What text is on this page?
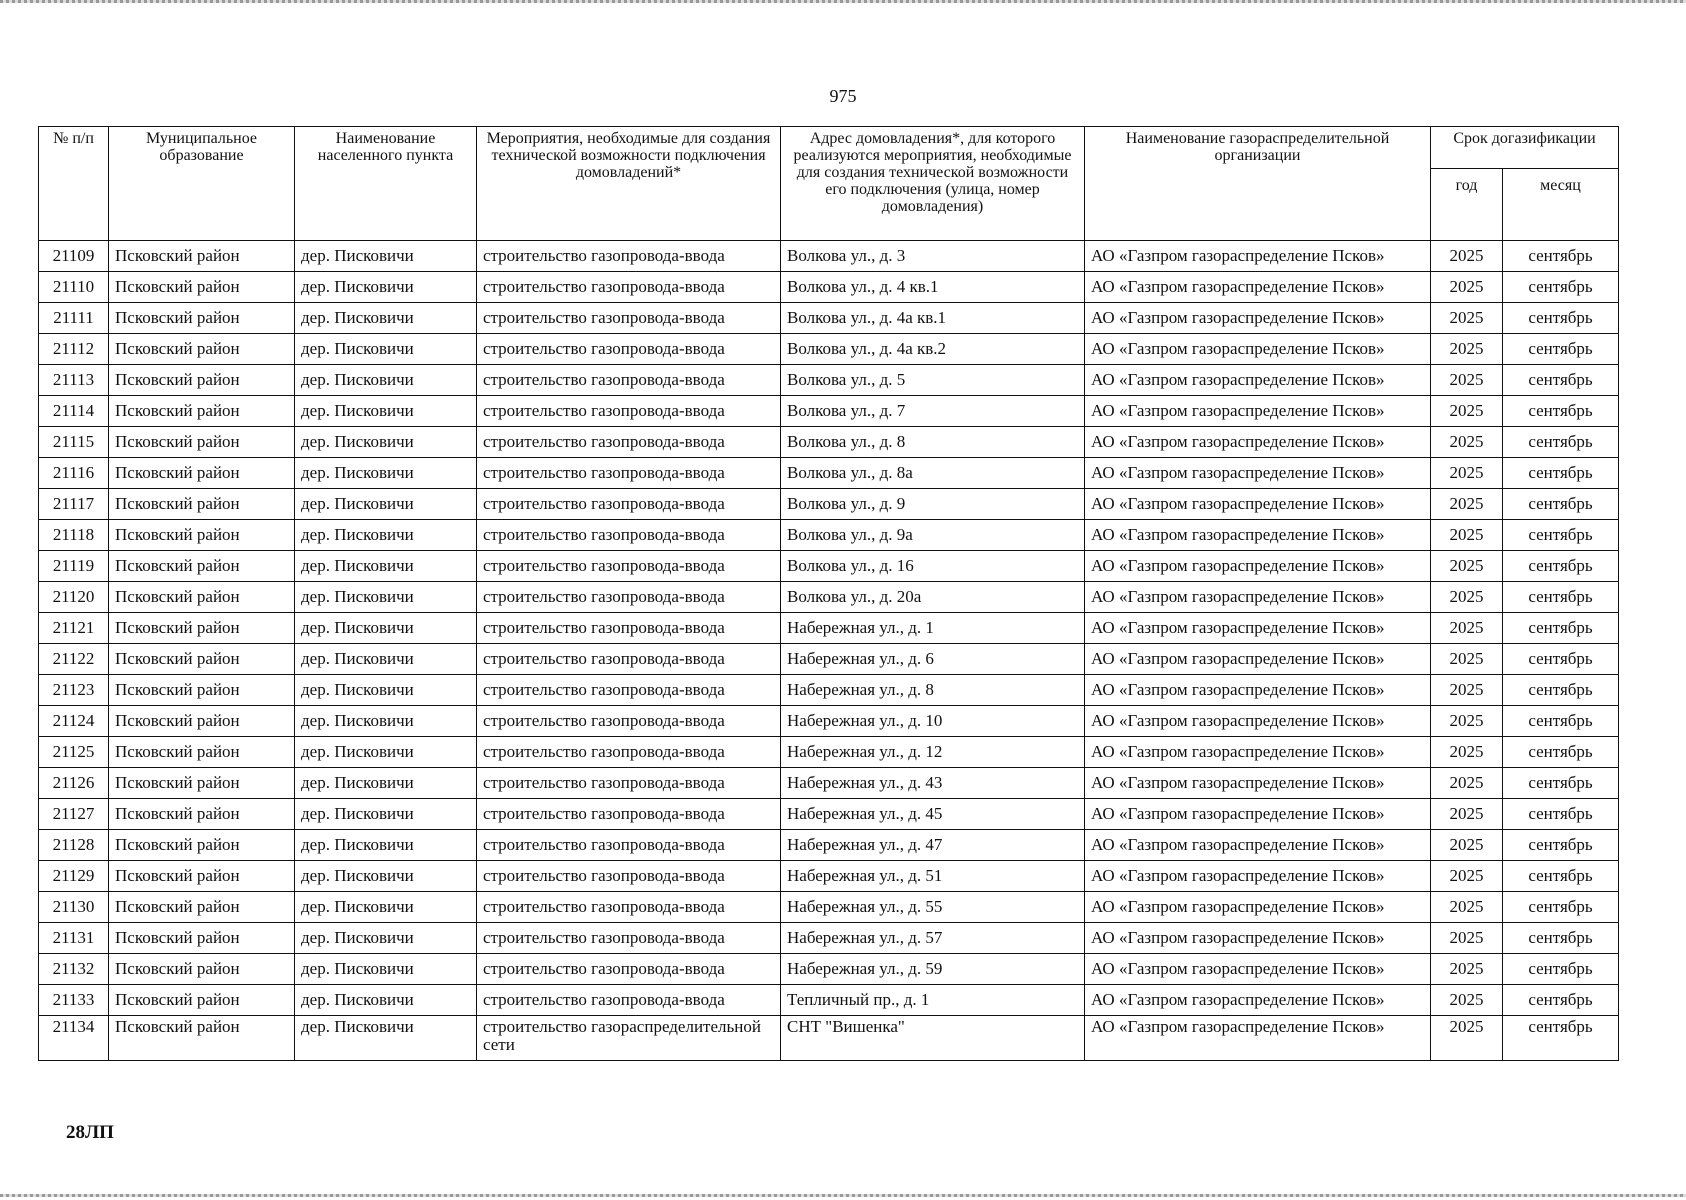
975
№ п/п	Муниципальное образование	Наименование населенного пункта	Мероприятия, необходимые для создания технической возможности подключения домовладений*	Адрес домовладения*, для которого реализуются мероприятия, необходимые для создания технической возможности его подключения (улица, номер домовладения)	Наименование газораспределительной организации	Срок догазификации	
						год	месяц
21109	Псковский район	дер. Писковичи	строительство газопровода-ввода	Волкова ул., д. 3	АО «Газпром газораспределение Псков»	2025	сентябрь
21110	Псковский район	дер. Писковичи	строительство газопровода-ввода	Волкова ул., д. 4 кв.1	АО «Газпром газораспределение Псков»	2025	сентябрь
21111	Псковский район	дер. Писковичи	строительство газопровода-ввода	Волкова ул., д. 4а кв.1	АО «Газпром газораспределение Псков»	2025	сентябрь
21112	Псковский район	дер. Писковичи	строительство газопровода-ввода	Волкова ул., д. 4а кв.2	АО «Газпром газораспределение Псков»	2025	сентябрь
21113	Псковский район	дер. Писковичи	строительство газопровода-ввода	Волкова ул., д. 5	АО «Газпром газораспределение Псков»	2025	сентябрь
21114	Псковский район	дер. Писковичи	строительство газопровода-ввода	Волкова ул., д. 7	АО «Газпром газораспределение Псков»	2025	сентябрь
21115	Псковский район	дер. Писковичи	строительство газопровода-ввода	Волкова ул., д. 8	АО «Газпром газораспределение Псков»	2025	сентябрь
21116	Псковский район	дер. Писковичи	строительство газопровода-ввода	Волкова ул., д. 8а	АО «Газпром газораспределение Псков»	2025	сентябрь
21117	Псковский район	дер. Писковичи	строительство газопровода-ввода	Волкова ул., д. 9	АО «Газпром газораспределение Псков»	2025	сентябрь
21118	Псковский район	дер. Писковичи	строительство газопровода-ввода	Волкова ул., д. 9а	АО «Газпром газораспределение Псков»	2025	сентябрь
21119	Псковский район	дер. Писковичи	строительство газопровода-ввода	Волкова ул., д. 16	АО «Газпром газораспределение Псков»	2025	сентябрь
21120	Псковский район	дер. Писковичи	строительство газопровода-ввода	Волкова ул., д. 20а	АО «Газпром газораспределение Псков»	2025	сентябрь
21121	Псковский район	дер. Писковичи	строительство газопровода-ввода	Набережная ул., д. 1	АО «Газпром газораспределение Псков»	2025	сентябрь
21122	Псковский район	дер. Писковичи	строительство газопровода-ввода	Набережная ул., д. 6	АО «Газпром газораспределение Псков»	2025	сентябрь
21123	Псковский район	дер. Писковичи	строительство газопровода-ввода	Набережная ул., д. 8	АО «Газпром газораспределение Псков»	2025	сентябрь
21124	Псковский район	дер. Писковичи	строительство газопровода-ввода	Набережная ул., д. 10	АО «Газпром газораспределение Псков»	2025	сентябрь
21125	Псковский район	дер. Писковичи	строительство газопровода-ввода	Набережная ул., д. 12	АО «Газпром газораспределение Псков»	2025	сентябрь
21126	Псковский район	дер. Писковичи	строительство газопровода-ввода	Набережная ул., д. 43	АО «Газпром газораспределение Псков»	2025	сентябрь
21127	Псковский район	дер. Писковичи	строительство газопровода-ввода	Набережная ул., д. 45	АО «Газпром газораспределение Псков»	2025	сентябрь
21128	Псковский район	дер. Писковичи	строительство газопровода-ввода	Набережная ул., д. 47	АО «Газпром газораспределение Псков»	2025	сентябрь
21129	Псковский район	дер. Писковичи	строительство газопровода-ввода	Набережная ул., д. 51	АО «Газпром газораспределение Псков»	2025	сентябрь
21130	Псковский район	дер. Писковичи	строительство газопровода-ввода	Набережная ул., д. 55	АО «Газпром газораспределение Псков»	2025	сентябрь
21131	Псковский район	дер. Писковичи	строительство газопровода-ввода	Набережная ул., д. 57	АО «Газпром газораспределение Псков»	2025	сентябрь
21132	Псковский район	дер. Писковичи	строительство газопровода-ввода	Набережная ул., д. 59	АО «Газпром газораспределение Псков»	2025	сентябрь
21133	Псковский район	дер. Писковичи	строительство газопровода-ввода	Тепличный пр., д. 1	АО «Газпром газораспределение Псков»	2025	сентябрь
21134	Псковский район	дер. Писковичи	строительство газораспределительной сети	СНТ "Вишенка"	АО «Газпром газораспределение Псков»	2025	сентябрь
28ЛП
